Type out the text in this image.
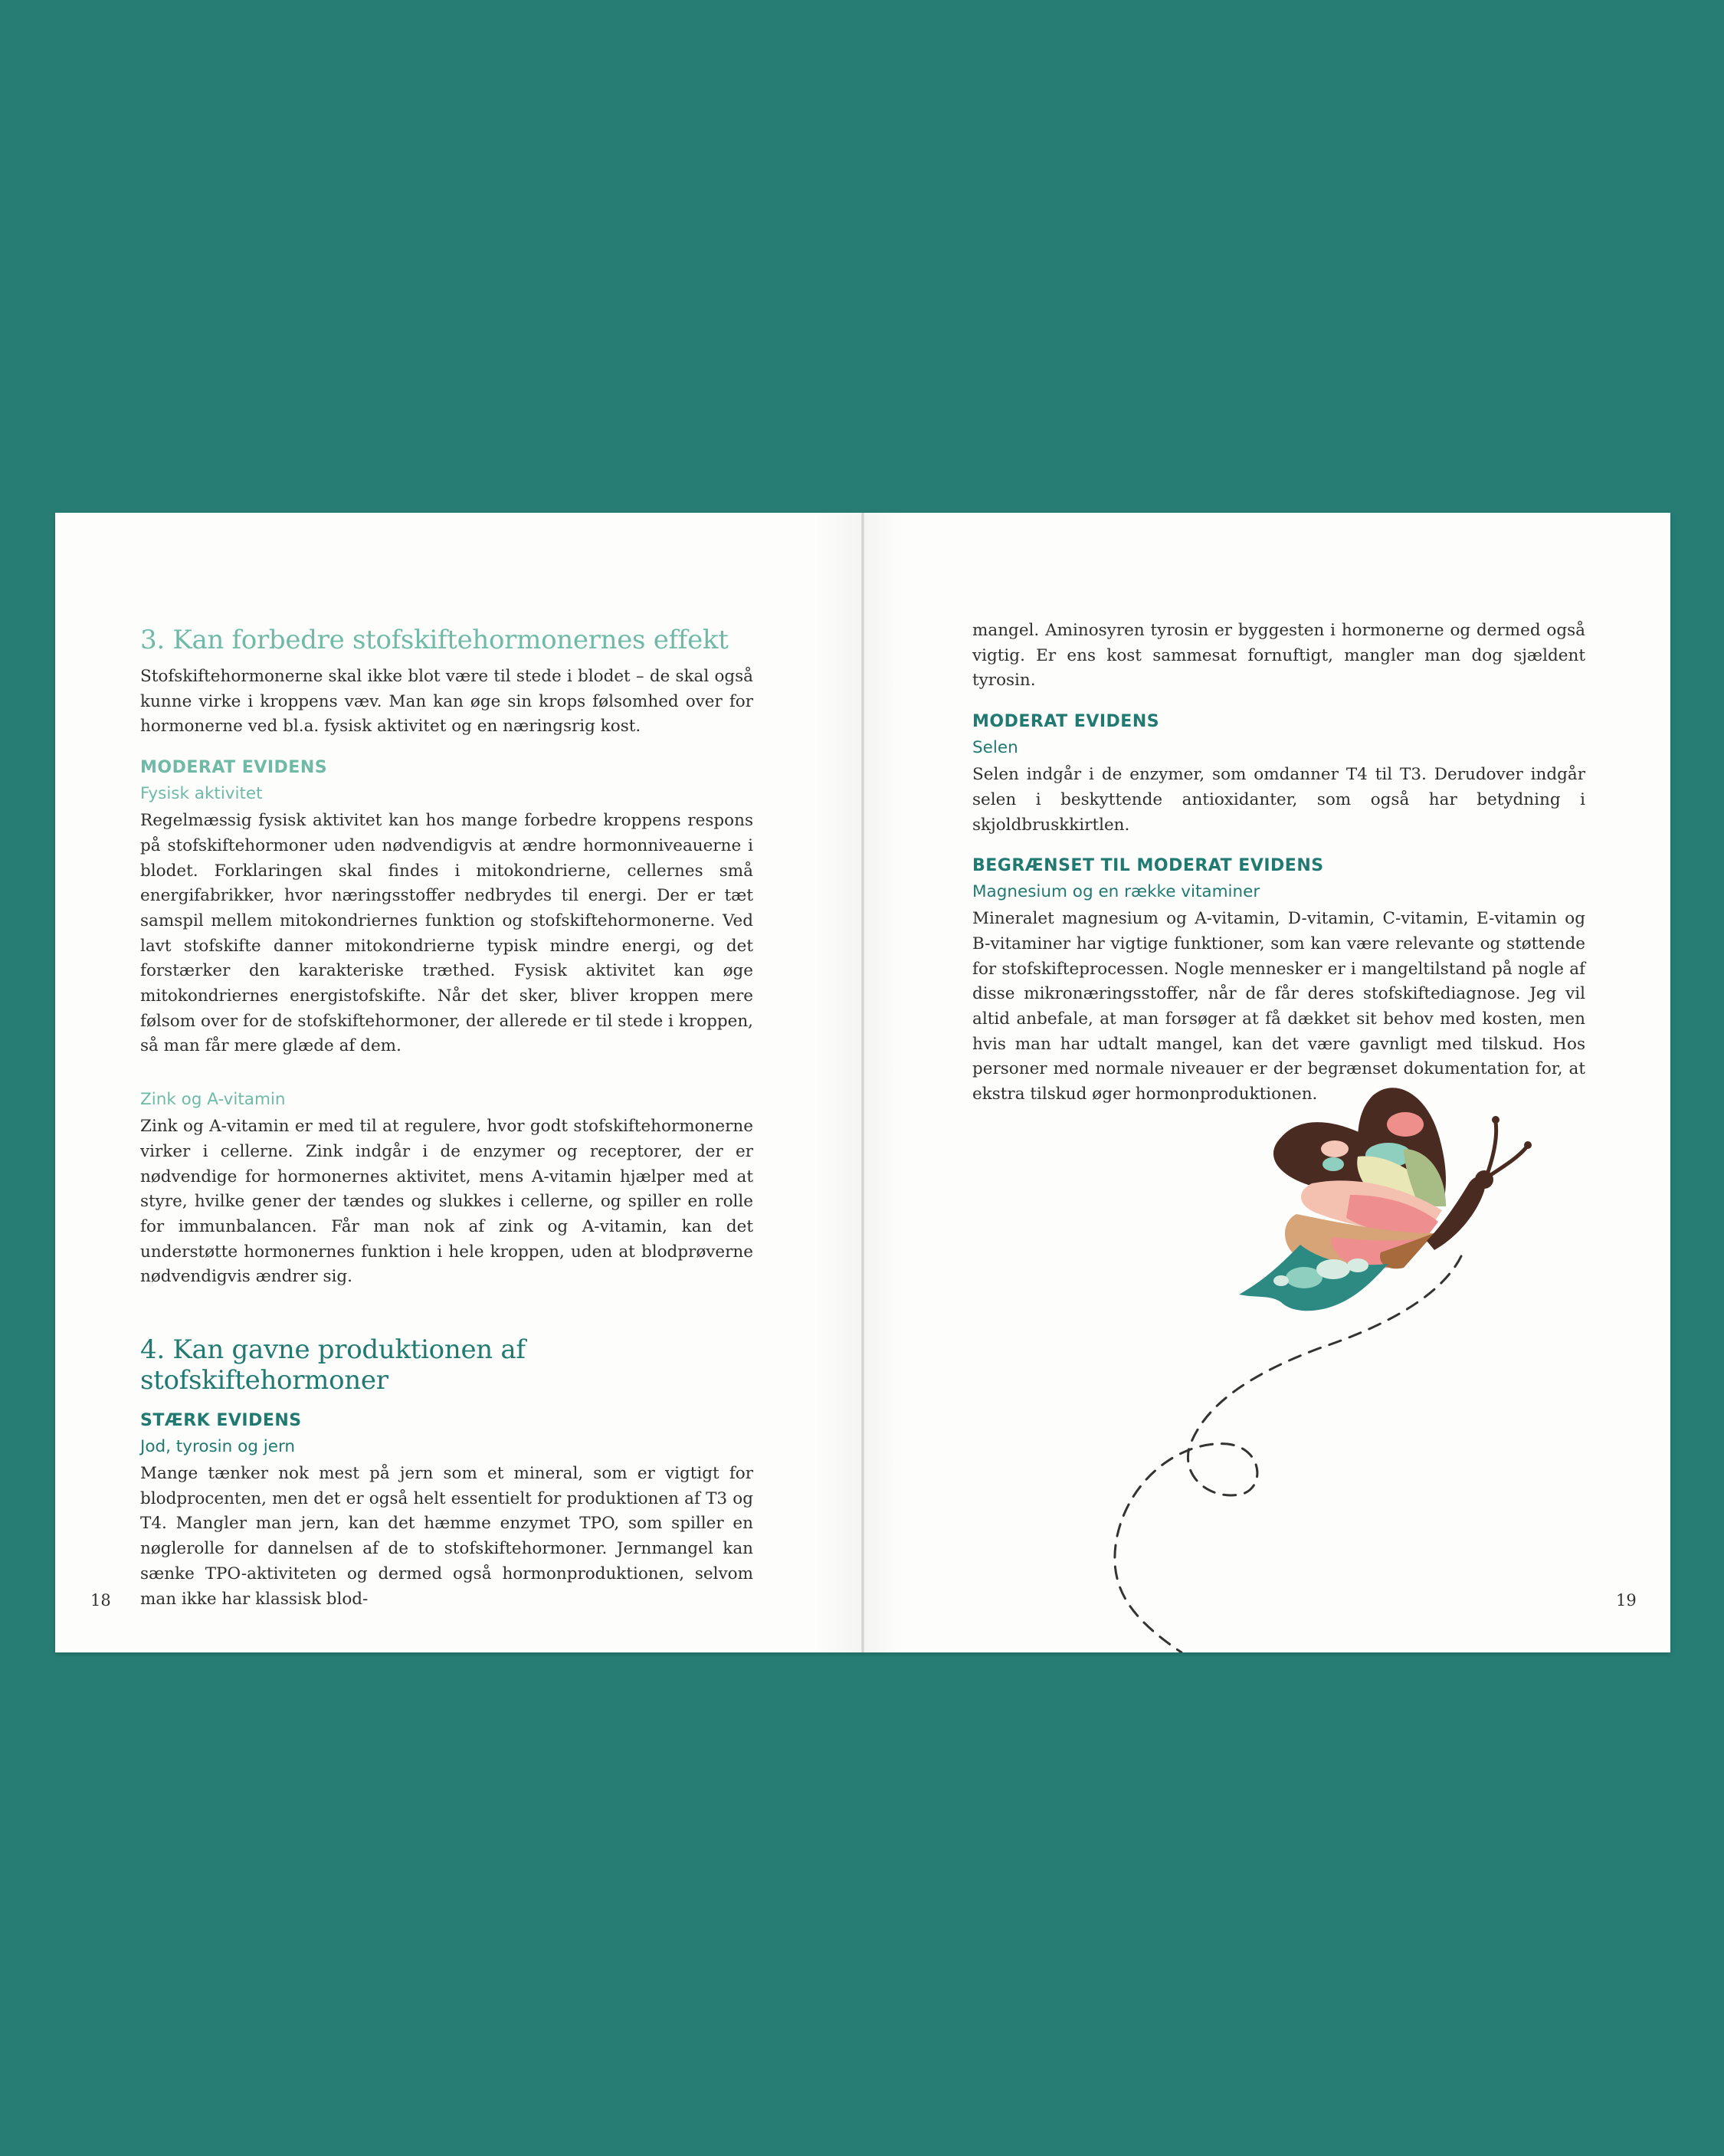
3. Kan forbedre stofskiftehormonernes effekt

Stofskiftehormonerne skal ikke blot være til stede i blodet – de skal også kunne virke i kroppens væv. Man kan øge sin krops følsomhed over for hormonerne ved bl.a. fysisk aktivitet og en næringsrig kost.

MODERAT EVIDENS
Fysisk aktivitet

Regelmæssig fysisk aktivitet kan hos mange forbedre kroppens respons på stofskiftehormoner uden nødvendigvis at ændre hormonniveauerne i blodet. Forklaringen skal findes i mitokondrierne, cellernes små energifabrikker, hvor næringsstoffer nedbrydes til energi. Der er tæt samspil mellem mitokondriernes funktion og stofskiftehormonerne. Ved lavt stofskifte danner mitokondrierne typisk mindre energi, og det forstærker den karakteriske træthed. Fysisk aktivitet kan øge mitokondriernes energistofskifte. Når det sker, bliver kroppen mere følsom over for de stofskiftehormoner, der allerede er til stede i kroppen, så man får mere glæde af dem.

Zink og A-vitamin

Zink og A-vitamin er med til at regulere, hvor godt stofskiftehormonerne virker i cellerne. Zink indgår i de enzymer og receptorer, der er nødvendige for hormonernes aktivitet, mens A-vitamin hjælper med at styre, hvilke gener der tændes og slukkes i cellerne, og spiller en rolle for immunbalancen. Får man nok af zink og A-vitamin, kan det understøtte hormonernes funktion i hele kroppen, uden at blodprøverne nødvendigvis ændrer sig.

4. Kan gavne produktionen af stofskiftehormoner
STÆRK EVIDENS
Jod, tyrosin og jern

Mange tænker nok mest på jern som et mineral, som er vigtigt for blodprocenten, men det er også helt essentielt for produktionen af T3 og T4. Mangler man jern, kan det hæmme enzymet TPO, som spiller en nøglerolle for dannelsen af de to stofskiftehormoner. Jernmangel kan sænke TPO-aktiviteten og dermed også hormonproduktionen, selvom man ikke har klassisk blod-

18

mangel. Aminosyren tyrosin er byggesten i hormonerne og dermed også vigtig. Er ens kost sammesat fornuftigt, mangler man dog sjældent tyrosin.

MODERAT EVIDENS
Selen

Selen indgår i de enzymer, som omdanner T4 til T3. Derudover indgår selen i beskyttende antioxidanter, som også har betydning i skjoldbruskkirtlen.

BEGRÆNSET TIL MODERAT EVIDENS
Magnesium og en række vitaminer

Mineralet magnesium og A-vitamin, D-vitamin, C-vitamin, E-vitamin og B-vitaminer har vigtige funktioner, som kan være relevante og støttende for stofskifteprocessen. Nogle mennesker er i mangeltilstand på nogle af disse mikronæringsstoffer, når de får deres stofskiftediagnose. Jeg vil altid anbefale, at man forsøger at få dækket sit behov med kosten, men hvis man har udtalt mangel, kan det være gavnligt med tilskud. Hos personer med normale niveauer er der begrænset dokumentation for, at ekstra tilskud øger hormonproduktionen.

19
